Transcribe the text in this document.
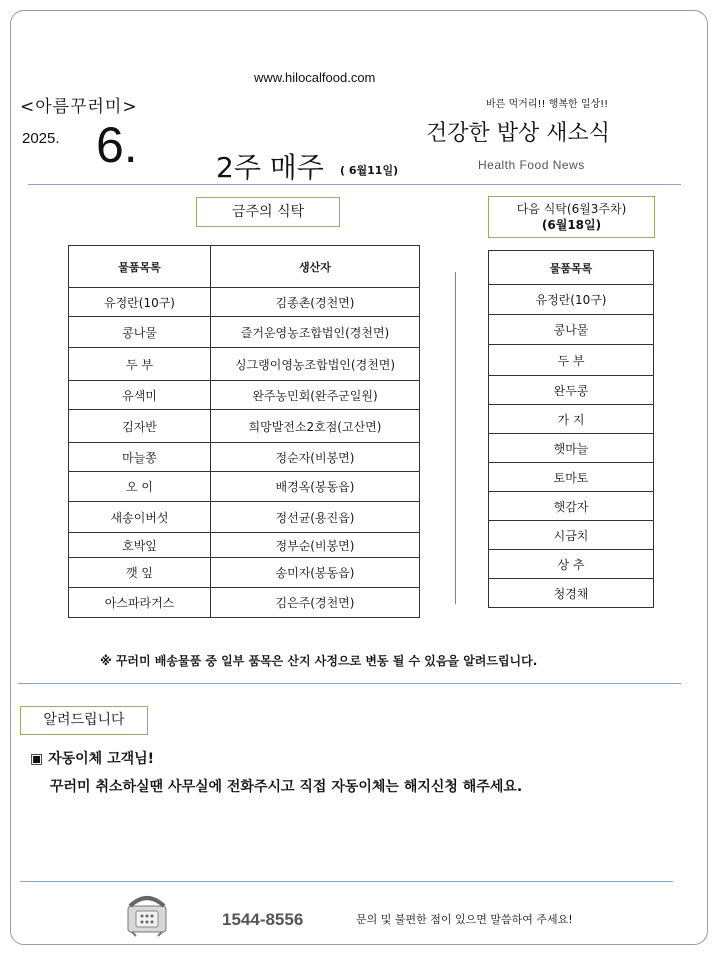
www.hilocalfood.com
<아름꾸러미>
2025. 6.	2주 매주 ( 6월11일)
바른 먹거리!! 행복한 일상!!
건강한 밥상 새소식
Health Food News
금주의 식탁	다음 식탁(6월3주차)
(6월18일)
물품목록	생산자
유정란(10구)	김종촌(경천면)
콩나물	즐거운영농조합법인(경천면)
두 부	싱그랭이영농조합법인(경천면)
유색미	완주농민회(완주군일원)
김자반	희망발전소2호점(고산면)
마늘쫑	정순자(비봉면)
오 이	배경옥(봉동읍)
새송이버섯	정선균(용진읍)
호박잎	정부순(비봉면)
깻 잎	송미자(봉동읍)
아스파라거스	김은주(경천면)
물품목록
유정란(10구)
콩나물
두 부
완두콩
가 지
햇마늘
토마토
햇감자
시금치
상 추
청경채
※ 꾸러미 배송물품 중 일부 품목은 산지 사정으로 변동 될 수 있음을 알려드립니다.
알려드립니다
▣ 자동이체 고객님!
꾸러미 취소하실땐 사무실에 전화주시고 직접 자동이체는 해지신청 해주세요.
1544-8556	문의 및 불편한 점이 있으면 말씀하여 주세요!
